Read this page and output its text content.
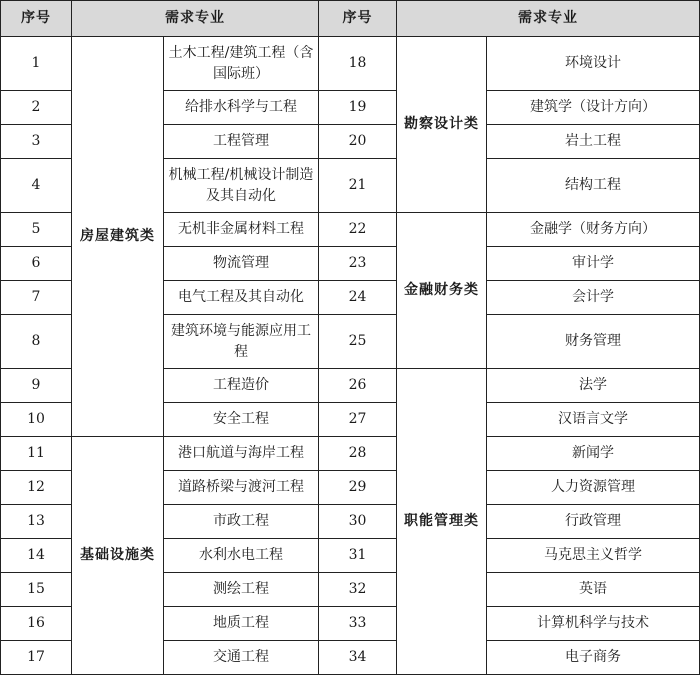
序号	需求专业		序号	需求专业	
1	房屋建筑类	土木工程/建筑工程（含国际班）	18	勘察设计类	环境设计
2		给排水科学与工程	19		建筑学（设计方向）
3		工程管理	20		岩土工程
4		机械工程/机械设计制造及其自动化	21		结构工程
5		无机非金属材料工程	22	金融财务类	金融学（财务方向）
6		物流管理	23		审计学
7		电气工程及其自动化	24		会计学
8		建筑环境与能源应用工程	25		财务管理
9		工程造价	26	职能管理类	法学
10		安全工程	27		汉语言文学
11	基础设施类	港口航道与海岸工程	28		新闻学
12		道路桥梁与渡河工程	29		人力资源管理
13		市政工程	30		行政管理
14		水利水电工程	31		马克思主义哲学
15		测绘工程	32		英语
16		地质工程	33		计算机科学与技术
17		交通工程	34		电子商务
